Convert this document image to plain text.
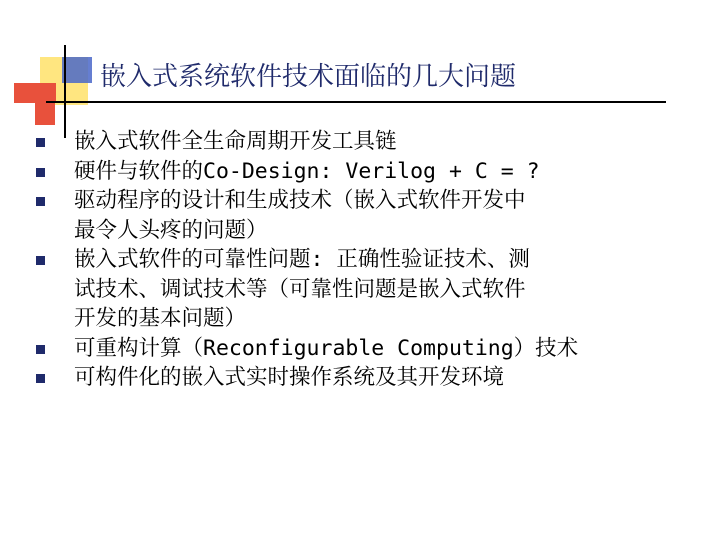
嵌入式系统软件技术面临的几大问题
嵌入式软件全生命周期开发工具链
硬件与软件的Co-Design: Verilog + C = ?
驱动程序的设计和生成技术（嵌入式软件开发中
最令人头疼的问题）
嵌入式软件的可靠性问题: 正确性验证技术、测
试技术、调试技术等（可靠性问题是嵌入式软件
开发的基本问题）
可重构计算（Reconfigurable Computing）技术
可构件化的嵌入式实时操作系统及其开发环境
